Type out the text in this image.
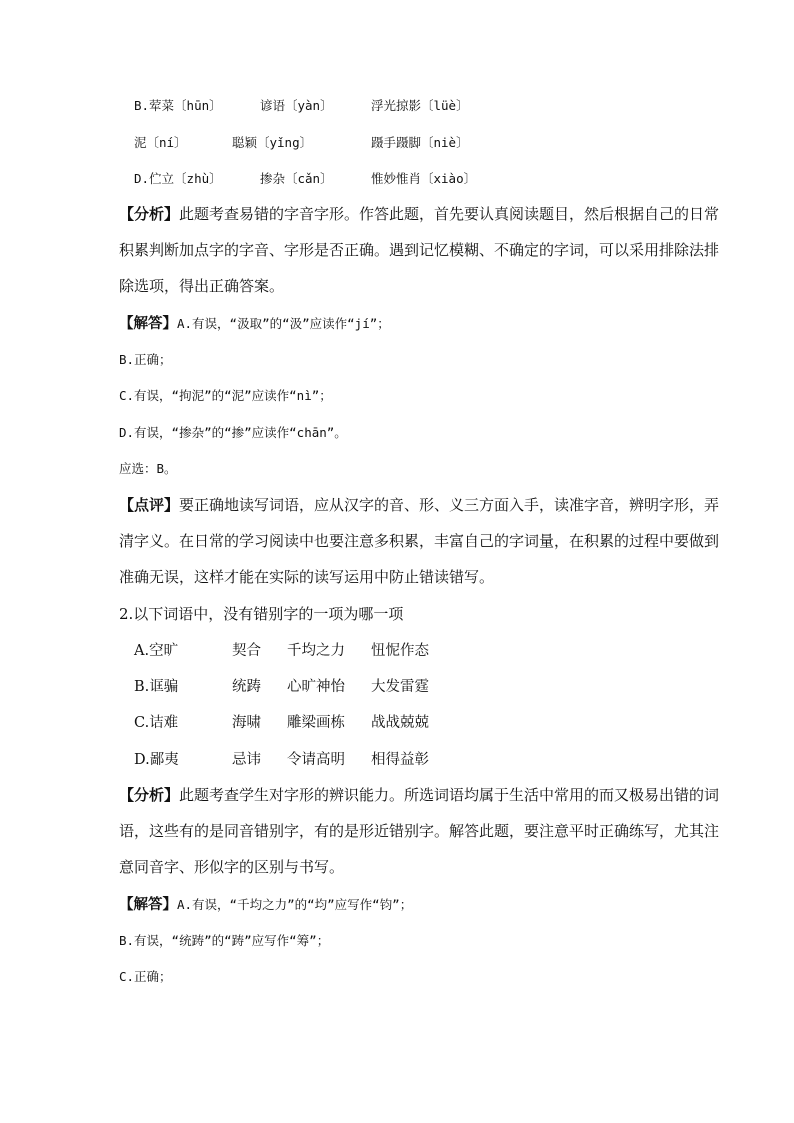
B.荤菜〔hūn〕	谚语〔yàn〕	浮光掠影〔lüè〕
泥〔ní〕	聪颖〔yǐng〕	蹑手蹑脚〔niè〕
D.伫立〔zhù〕	掺杂〔cǎn〕	惟妙惟肖〔xiào〕
【分析】此题考查易错的字音字形。作答此题，首先要认真阅读题目，然后根据自己的日常
积累判断加点字的字音、字形是否正确。遇到记忆模糊、不确定的字词，可以采用排除法排
除选项，得出正确答案。
【解答】A.有误，“汲取”的“汲”应读作“jí”；
B.正确；
C.有误，“拘泥”的“泥”应读作“nì”；
D.有误，“掺杂”的“掺”应读作“chān”。
应选：B。
【点评】要正确地读写词语，应从汉字的音、形、义三方面入手，读准字音，辨明字形，弄
清字义。在日常的学习阅读中也要注意多积累，丰富自己的字词量，在积累的过程中要做到
准确无误，这样才能在实际的读写运用中防止错读错写。
2.以下词语中，没有错别字的一项为哪一项
A.空旷	契合 千均之力 忸怩作态
B.诓骗	统踌 心旷神怡 大发雷霆
C.诘难	海啸 雕梁画栋 战战兢兢
D.鄙夷	忌讳 令请高明 相得益彰
【分析】此题考查学生对字形的辨识能力。所选词语均属于生活中常用的而又极易出错的词
语，这些有的是同音错别字，有的是形近错别字。解答此题，要注意平时正确练写，尤其注
意同音字、形似字的区别与书写。
【解答】A.有误，“千均之力”的“均”应写作“钧”；
B.有误，“统踌”的“踌”应写作“筹”；
C.正确；
